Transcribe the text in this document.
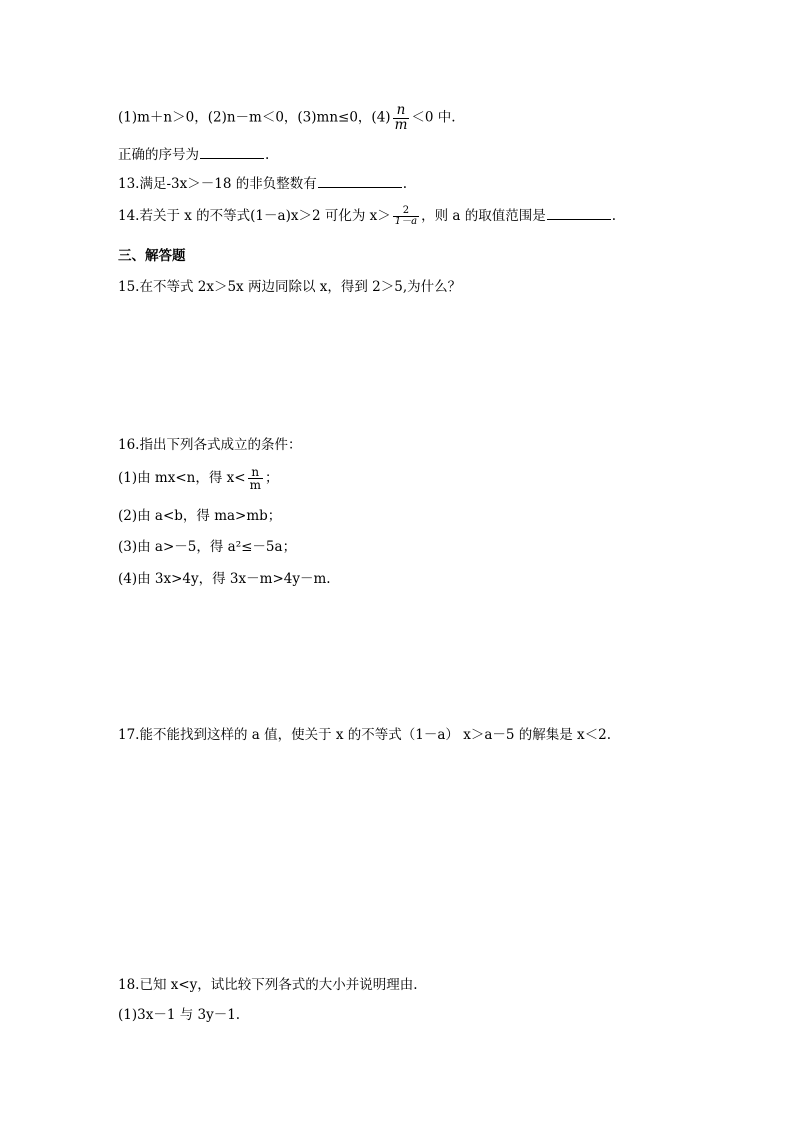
(1)m＋n＞0，(2)n－m＜0，(3)mn≤0，$(4) \frac{n}{m} <0$ 中.
正确的序号为	.
13.满足-3x＞－18 的非负整数有	.
14.若关于 x 的不等式(1－a)x＞2 可化为 $x> \frac{2}{1-a}$ ，则 a 的取值范围是	.
三、解答题
15.在不等式 2x＞5x 两边同除以 x，得到 2＞5,为什么？
16.指出下列各式成立的条件：
(1)由 mx<n，得 $x< \frac{n}{m}$ ；
(2)由 a<b，得 ma>mb；
(3)由 a>－5，得 a²≤－5a；
(4)由 3x>4y，得 3x－m>4y－m.
17.能不能找到这样的 a 值，使关于 x 的不等式（1－a） x＞a－5 的解集是 x＜2.
18.已知 x<y，试比较下列各式的大小并说明理由.
(1)3x－1 与 3y－1.
